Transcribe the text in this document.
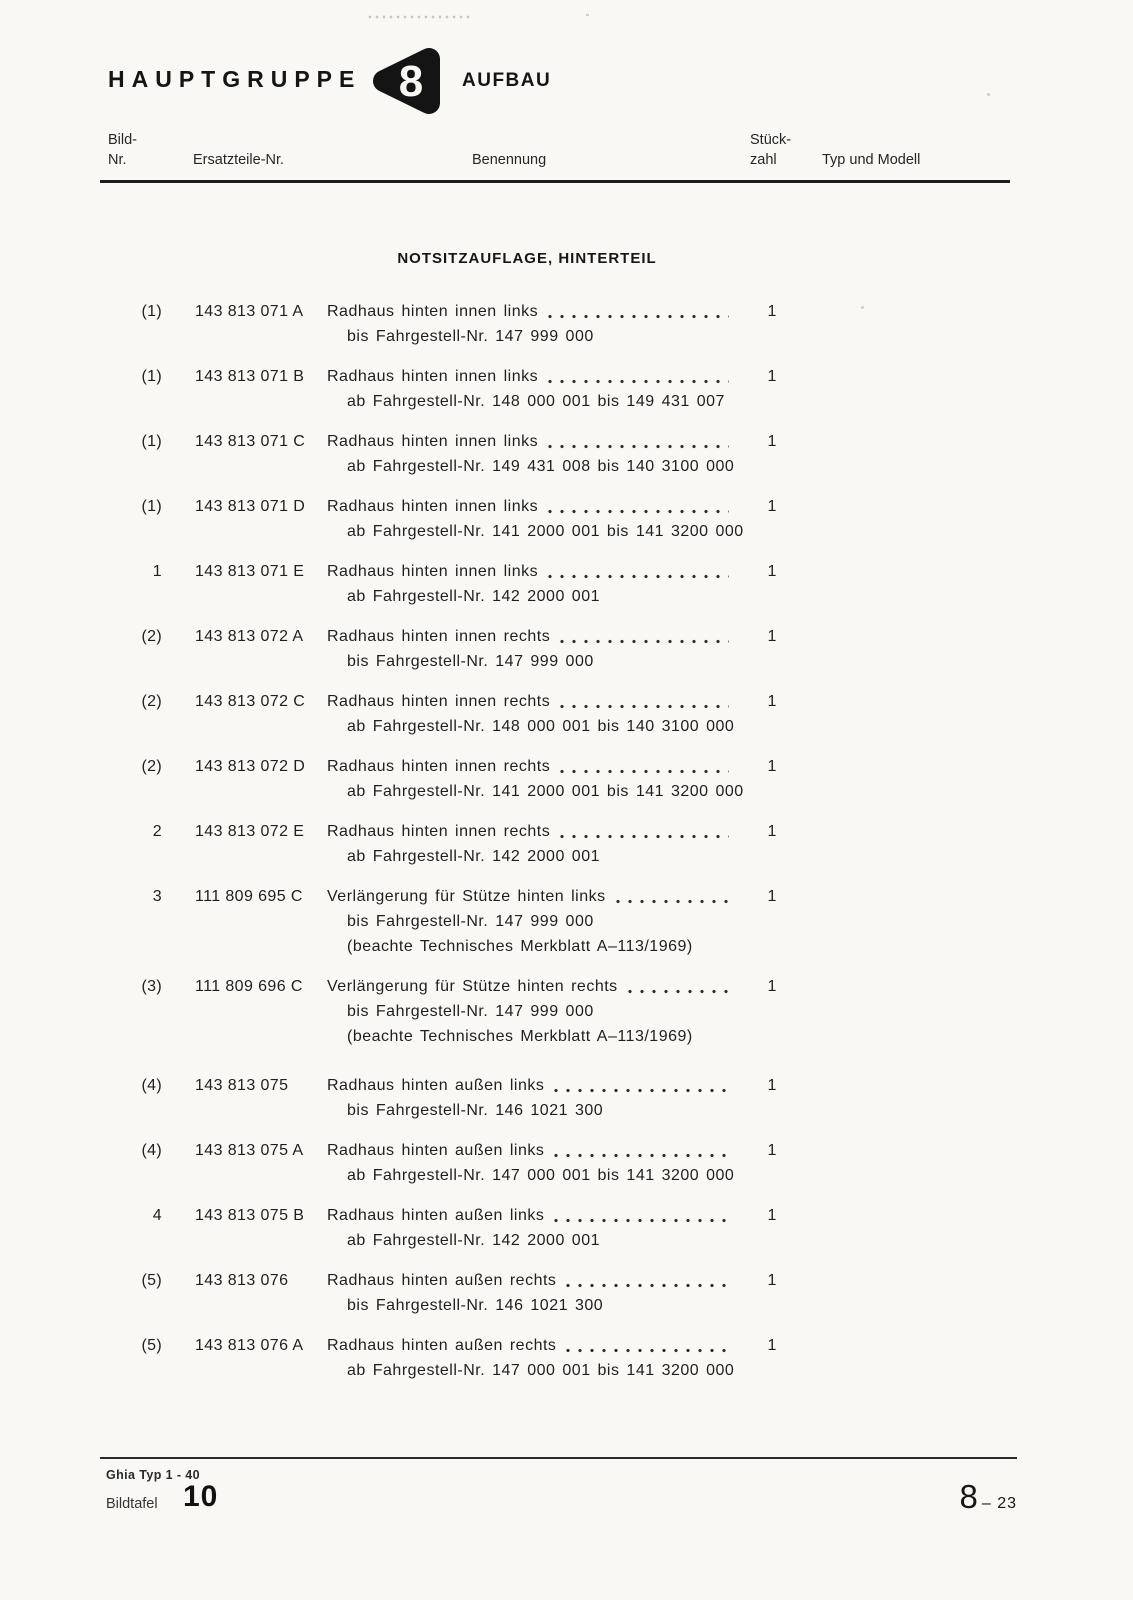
HAUPTGRUPPE 8 AUFBAU
Bild-

Nr.	Ersatzteile-Nr.	Benennung
Stück-

zahl	Typ und Modell
NOTSITZAUFLAGE, HINTERTEIL
(1) 143 813 071 A	Radhaus hinten innen links
bis Fahrgestell-Nr. 147 999 000
1
(1) 143 813 071 B	Radhaus hinten innen links
ab Fahrgestell-Nr. 148 000 001 bis 149 431 007
1
(1) 143 813 071 C	Radhaus hinten innen links
ab Fahrgestell-Nr. 149 431 008 bis 140 3100 000
1
(1) 143 813 071 D	Radhaus hinten innen links
ab Fahrgestell-Nr. 141 2000 001 bis 141 3200 000
1
1 143 813 071 E	Radhaus hinten innen links
ab Fahrgestell-Nr. 142 2000 001
1
(2) 143 813 072 A	Radhaus hinten innen rechts
bis Fahrgestell-Nr. 147 999 000
1
(2) 143 813 072 C	Radhaus hinten innen rechts
ab Fahrgestell-Nr. 148 000 001 bis 140 3100 000
1
(2) 143 813 072 D	Radhaus hinten innen rechts
ab Fahrgestell-Nr. 141 2000 001 bis 141 3200 000
1
2 143 813 072 E	Radhaus hinten innen rechts
ab Fahrgestell-Nr. 142 2000 001
1
3 111 809 695 C	Verlängerung für Stütze hinten links
bis Fahrgestell-Nr. 147 999 000
(beachte Technisches Merkblatt A–113/1969)
1
(3) 111 809 696 C	Verlängerung für Stütze hinten rechts
bis Fahrgestell-Nr. 147 999 000
(beachte Technisches Merkblatt A–113/1969)
1
(4) 143 813 075	Radhaus hinten außen links
bis Fahrgestell-Nr. 146 1021 300
1
(4) 143 813 075 A	Radhaus hinten außen links
ab Fahrgestell-Nr. 147 000 001 bis 141 3200 000
1
4 143 813 075 B	Radhaus hinten außen links
ab Fahrgestell-Nr. 142 2000 001
1
(5) 143 813 076	Radhaus hinten außen rechts
bis Fahrgestell-Nr. 146 1021 300
1
(5) 143 813 076 A	Radhaus hinten außen rechts
ab Fahrgestell-Nr. 147 000 001 bis 141 3200 000
1
Ghia Typ 1 - 40
Bildtafel 10	8 – 23
